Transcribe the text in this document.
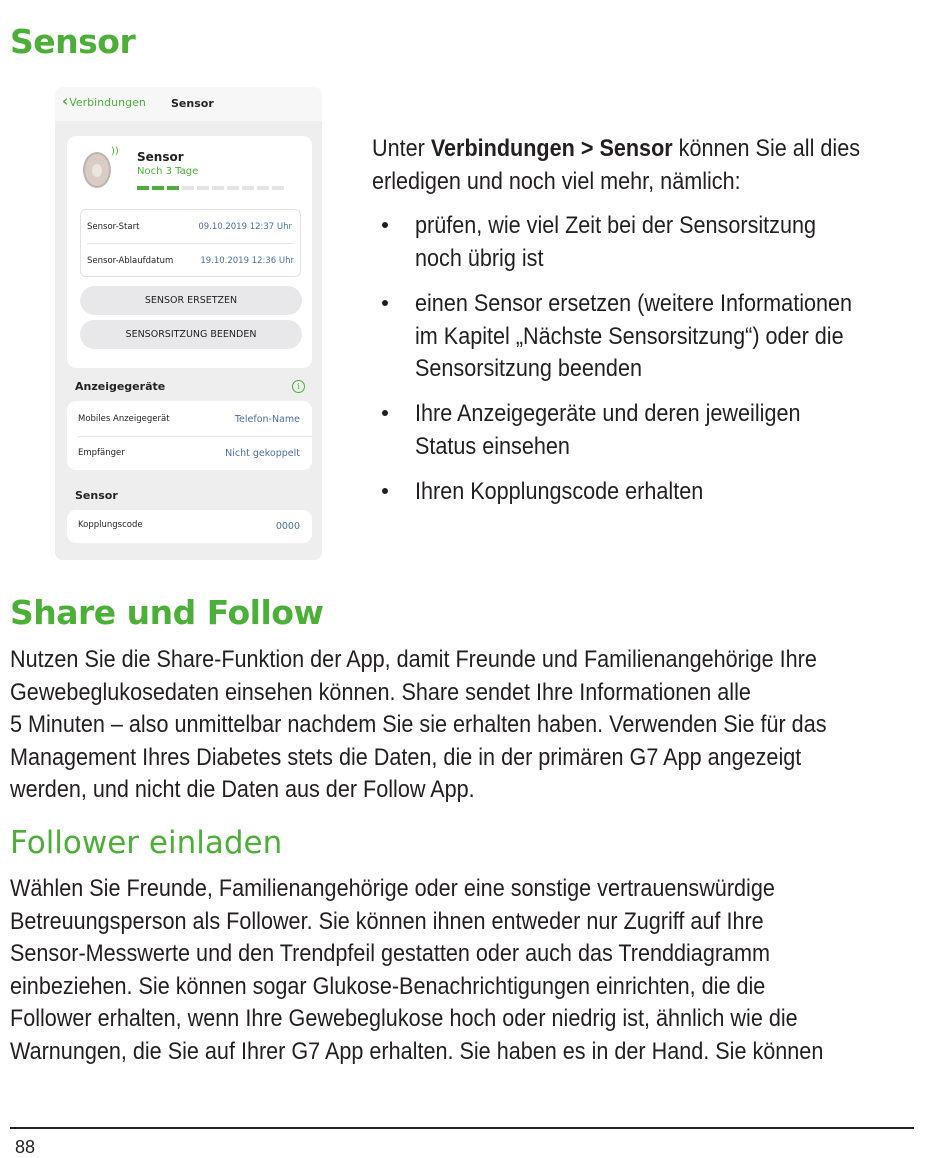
Sensor
‹Verbindungen Sensor
)) Sensor
Noch 3 Tage
Sensor-Start	09.10.2019 12:37 Uhr
Sensor-Ablaufdatum	19.10.2019 12:36 Uhr
SENSOR ERSETZEN
SENSORSITZUNG BEENDEN
Anzeigegeräte	i
Mobiles Anzeigegerät	Telefon-Name
Empfänger	Nicht gekoppelt
Sensor
Kopplungscode	0000

Unter Verbindungen > Sensor können Sie all dies
erledigen und noch viel mehr, nämlich:

prüfen, wie viel Zeit bei der Sensorsitzung
noch übrig ist
einen Sensor ersetzen (weitere Informationen
im Kapitel „Nächste Sensorsitzung“) oder die
Sensorsitzung beenden
Ihre Anzeigegeräte und deren jeweiligen
Status einsehen
Ihren Kopplungscode erhalten
Share und Follow

Nutzen Sie die Share-Funktion der App, damit Freunde und Familienangehörige Ihre
Gewebeglukosedaten einsehen können. Share sendet Ihre Informationen alle
5 Minuten – also unmittelbar nachdem Sie sie erhalten haben. Verwenden Sie für das
Management Ihres Diabetes stets die Daten, die in der primären G7 App angezeigt
werden, und nicht die Daten aus der Follow App.

Follower einladen

Wählen Sie Freunde, Familienangehörige oder eine sonstige vertrauenswürdige
Betreuungsperson als Follower. Sie können ihnen entweder nur Zugriff auf Ihre
Sensor-Messwerte und den Trendpfeil gestatten oder auch das Trenddiagramm
einbeziehen. Sie können sogar Glukose-Benachrichtigungen einrichten, die die
Follower erhalten, wenn Ihre Gewebeglukose hoch oder niedrig ist, ähnlich wie die
Warnungen, die Sie auf Ihrer G7 App erhalten. Sie haben es in der Hand. Sie können

88
